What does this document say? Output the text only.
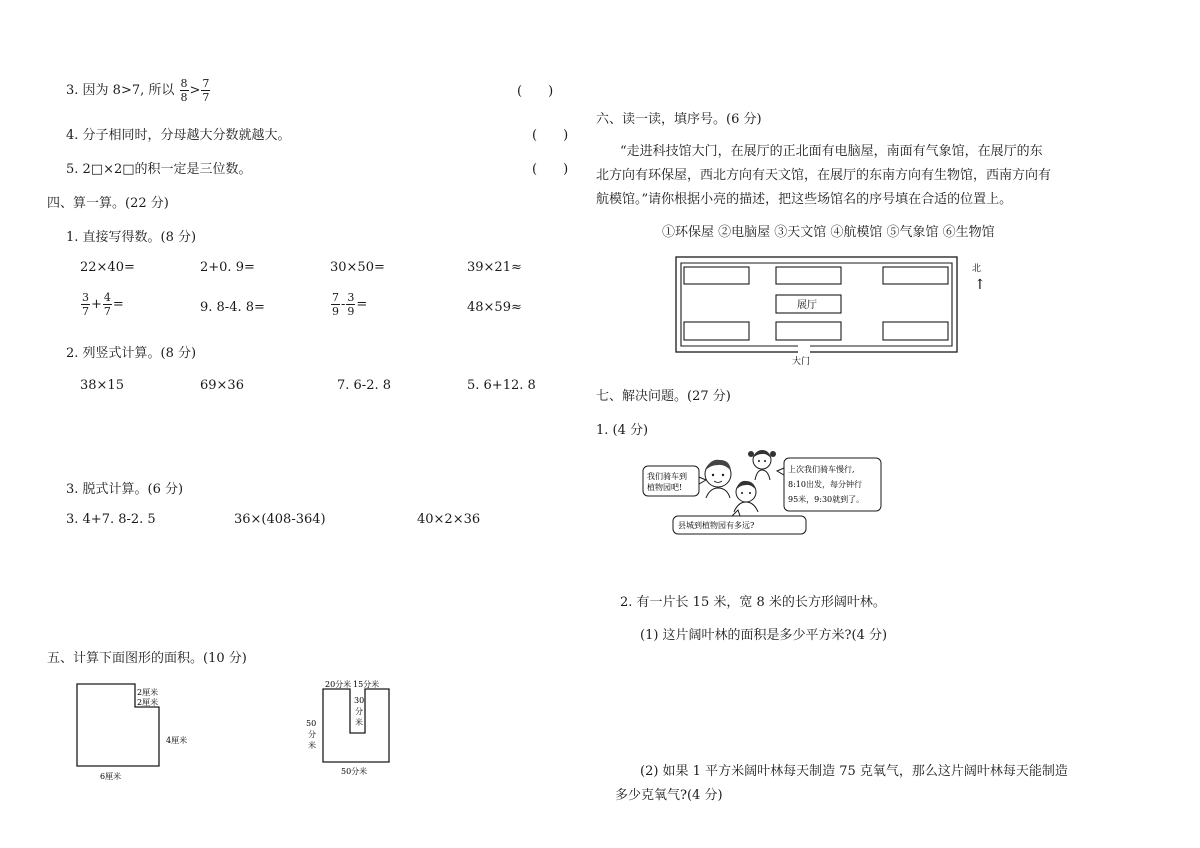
3. 因为 8>7, 所以 $\frac{8}{8} > \frac{7}{7}$	(　　)
4. 分子相同时，分母越大分数就越大。	(　　)
5. 2□×2□的积一定是三位数。	(　　)
四、算一算。(22 分)
1. 直接写得数。(8 分)
22×40=	2+0. 9=	30×50=	39×21≈
$\frac{3}{7} + \frac{4}{7}$ =	9. 8-4. 8=	$\frac{7}{9} - \frac{3}{9}$ =	48×59≈
2. 列竖式计算。(8 分)
38×15	69×36	7. 6-2. 8	5. 6+12. 8
3. 脱式计算。(6 分)
3. 4+7. 8-2. 5	36×(408-364)	40×2×36
五、计算下面图形的面积。(10 分)
2厘米
2厘米
4厘米
6厘米
20分米 15分米
30
分
米
50
分
米
50分米
六、读一读，填序号。(6 分)
“走进科技馆大门，在展厅的正北面有电脑屋，南面有气象馆，在展厅的东
北方向有环保屋，西北方向有天文馆，在展厅的东南方向有生物馆，西南方向有
航模馆。”请你根据小亮的描述，把这些场馆名的序号填在合适的位置上。
①环保屋 ②电脑屋 ③天文馆 ④航模馆 ⑤气象馆 ⑥生物馆
展厅
大门
北
↑
七、解决问题。(27 分)
1. (4 分)
我们骑车到
植物园吧!
上次我们骑车慢行,
8:10出发，每分钟行
95米，9:30就到了。
县城到植物园有多远?
2. 有一片长 15 米，宽 8 米的长方形阔叶林。
(1) 这片阔叶林的面积是多少平方米?(4 分)
(2) 如果 1 平方米阔叶林每天制造 75 克氧气，那么这片阔叶林每天能制造
多少克氧气?(4 分)
